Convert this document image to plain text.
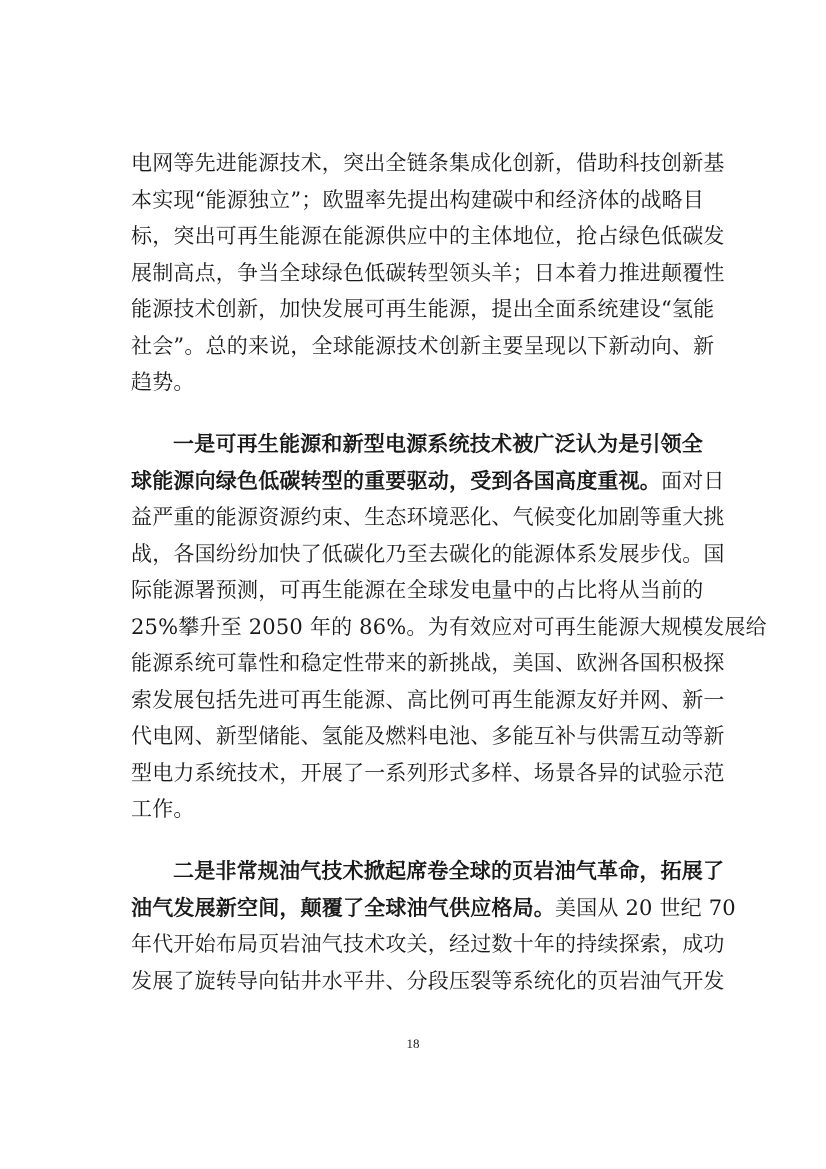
电网等先进能源技术，突出全链条集成化创新，借助科技创新基
本实现“能源独立”；欧盟率先提出构建碳中和经济体的战略目
标，突出可再生能源在能源供应中的主体地位，抢占绿色低碳发
展制高点，争当全球绿色低碳转型领头羊；日本着力推进颠覆性
能源技术创新，加快发展可再生能源，提出全面系统建设“氢能
社会”。总的来说，全球能源技术创新主要呈现以下新动向、新
趋势。
一是可再生能源和新型电源系统技术被广泛认为是引领全
球能源向绿色低碳转型的重要驱动，受到各国高度重视。面对日
益严重的能源资源约束、生态环境恶化、气候变化加剧等重大挑
战，各国纷纷加快了低碳化乃至去碳化的能源体系发展步伐。国
际能源署预测，可再生能源在全球发电量中的占比将从当前的
25%攀升至 2050 年的 86%。为有效应对可再生能源大规模发展给
能源系统可靠性和稳定性带来的新挑战，美国、欧洲各国积极探
索发展包括先进可再生能源、高比例可再生能源友好并网、新一
代电网、新型储能、氢能及燃料电池、多能互补与供需互动等新
型电力系统技术，开展了一系列形式多样、场景各异的试验示范
工作。
二是非常规油气技术掀起席卷全球的页岩油气革命，拓展了
油气发展新空间，颠覆了全球油气供应格局。美国从 20 世纪 70
年代开始布局页岩油气技术攻关，经过数十年的持续探索，成功
发展了旋转导向钻井水平井、分段压裂等系统化的页岩油气开发
18
